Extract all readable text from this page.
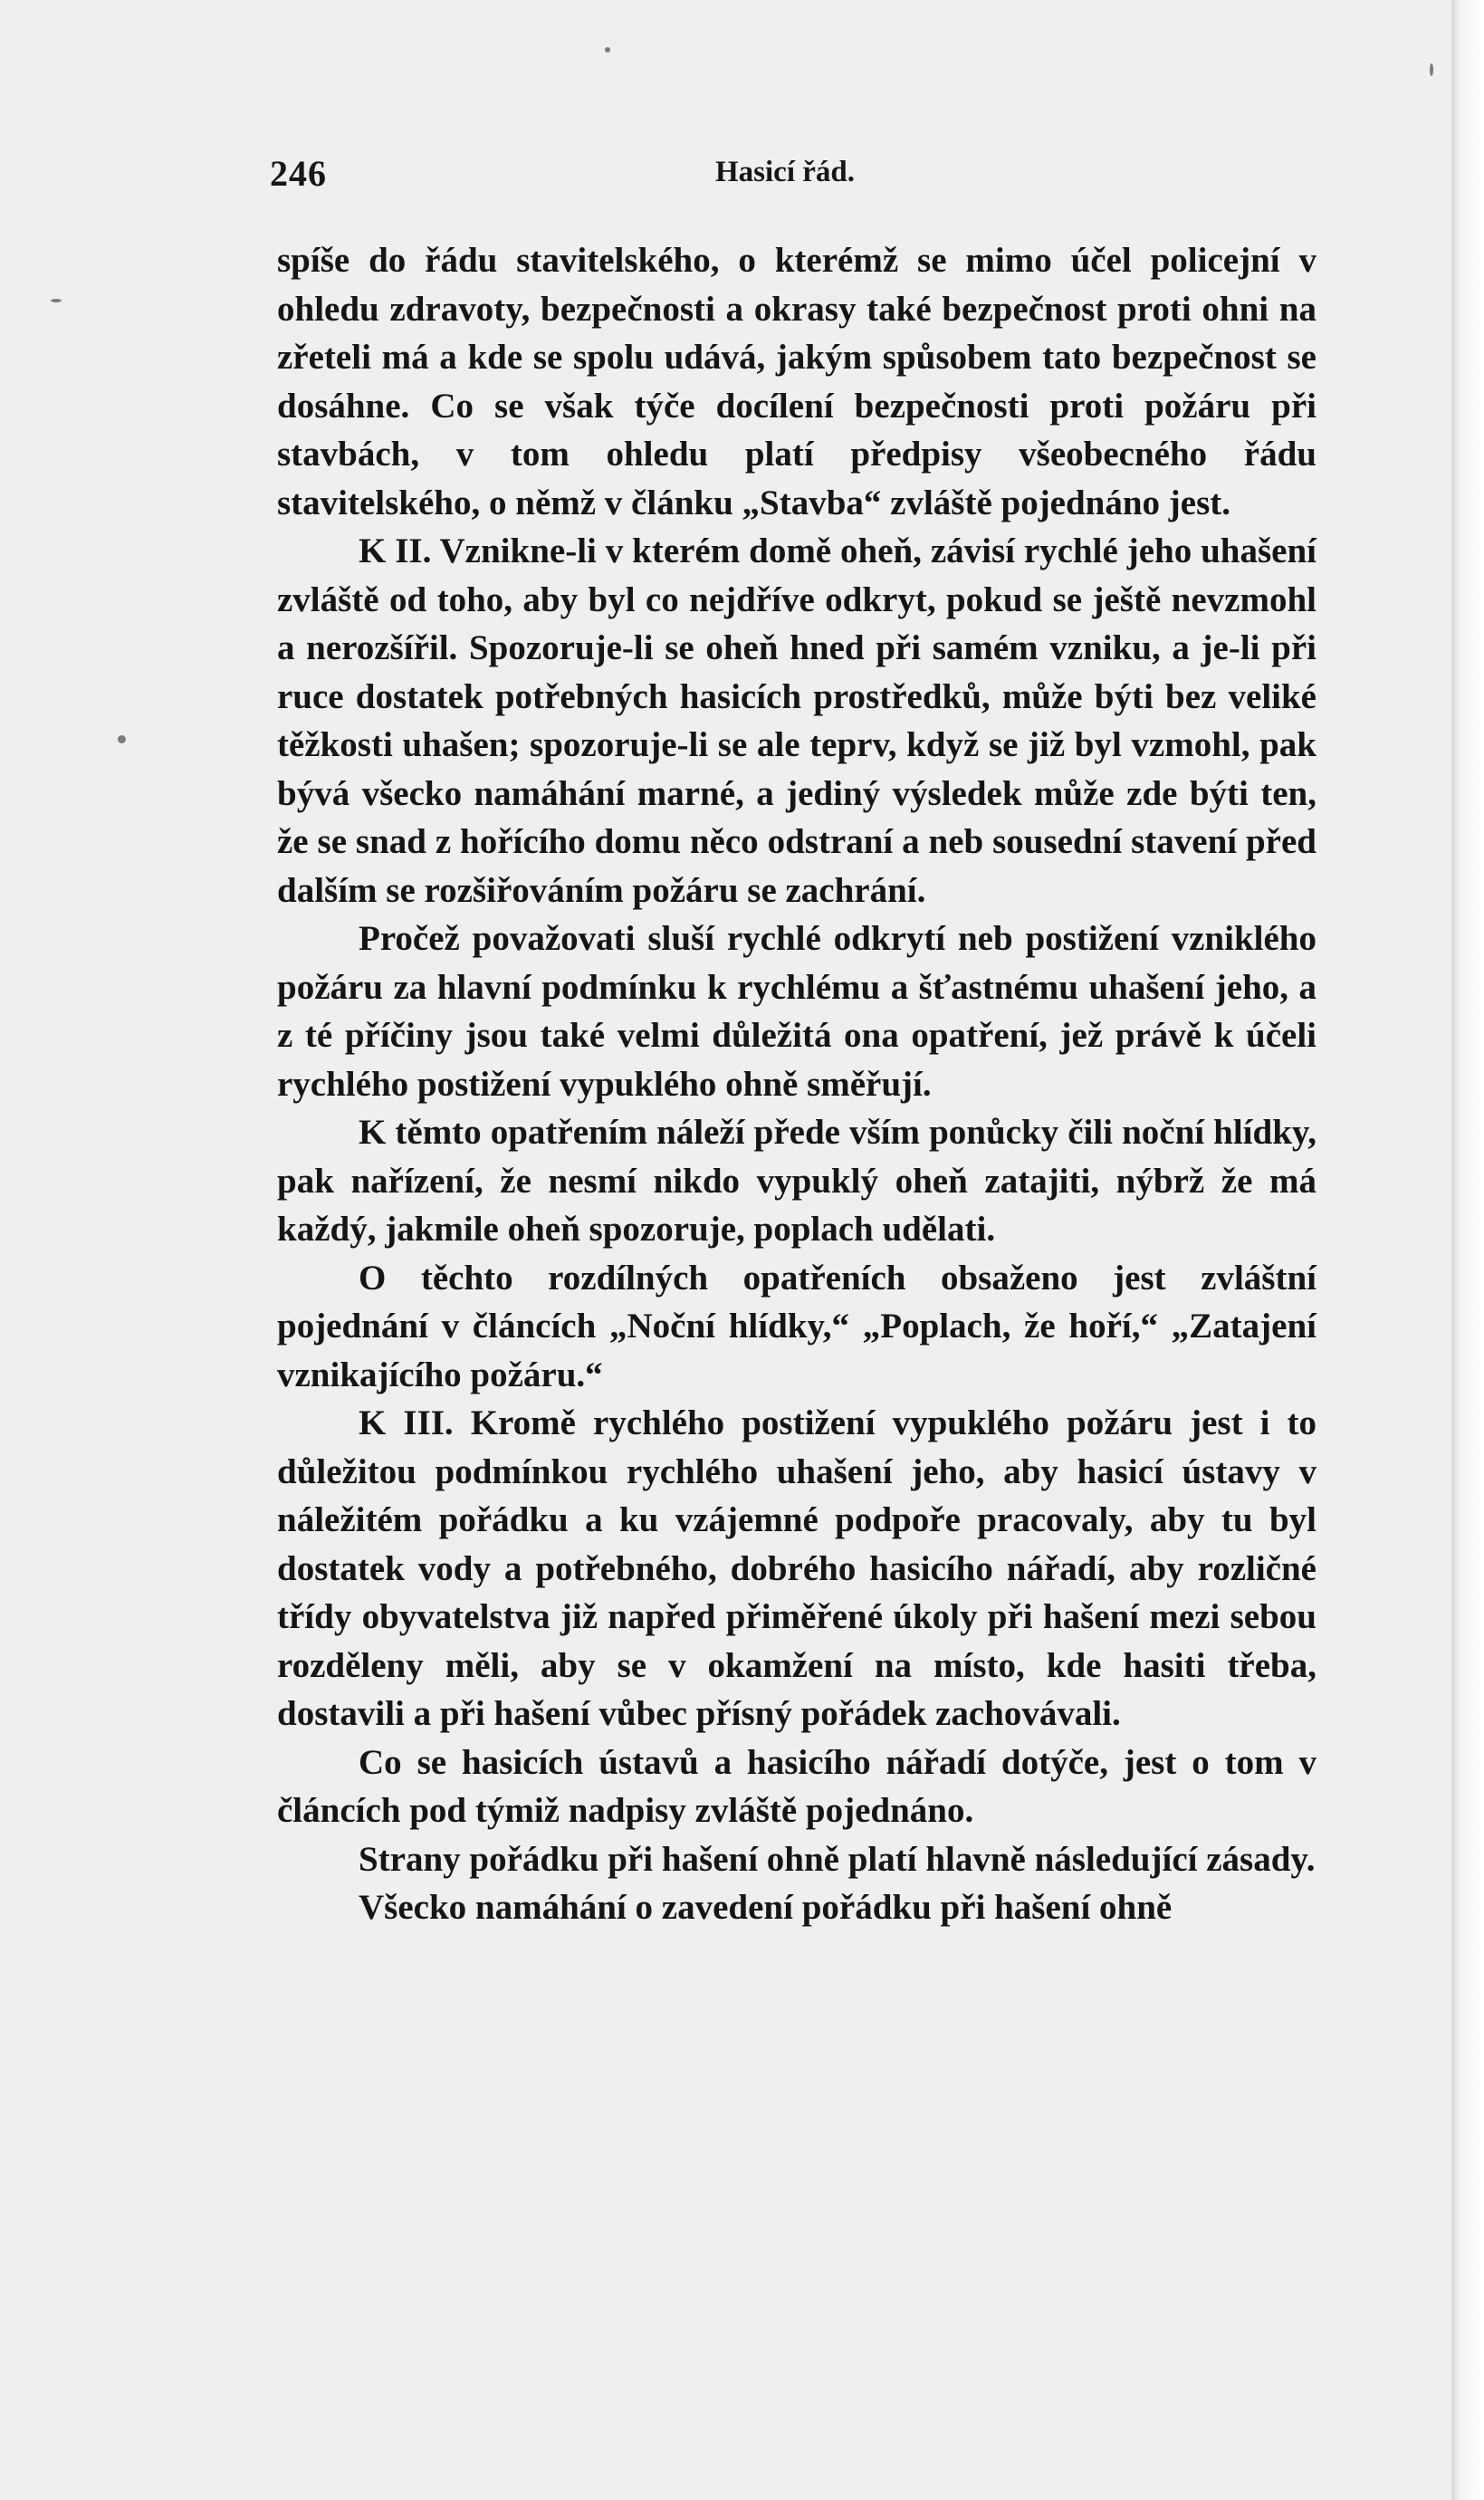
246	Hasicí řád.

spíše do řádu stavitelského, o kterémž se mimo účel policejní v ohledu zdravoty, bezpečnosti a okrasy také bezpečnost proti ohni na zřeteli má a kde se spolu udává, jakým spůsobem tato bezpečnost se dosáhne. Co se však týče docílení bezpečnosti proti požáru při stavbách, v tom ohledu platí předpisy všeobecného řádu stavitelského, o němž v článku „Stavba“ zvláště pojednáno jest.

K II. Vznikne-li v kterém domě oheň, závisí rychlé jeho uhašení zvláště od toho, aby byl co nejdříve odkryt, pokud se ještě nevzmohl a nerozšířil. Spozoruje-li se oheň hned při samém vzniku, a je-li při ruce dostatek potřebných hasicích prostředků, může býti bez veliké těžkosti uhašen; spozoruje-li se ale teprv, když se již byl vzmohl, pak bývá všecko namáhání marné, a jediný výsledek může zde býti ten, že se snad z hořícího domu něco odstraní a neb sousední stavení před dalším se rozšiřováním požáru se zachrání.

Pročež považovati sluší rychlé odkrytí neb postižení vzniklého požáru za hlavní podmínku k rychlému a šťastnému uhašení jeho, a z té příčiny jsou také velmi důležitá ona opatření, jež právě k účeli rychlého postižení vypuklého ohně směřují.

K těmto opatřením náleží přede vším ponůcky čili noční hlídky, pak nařízení, že nesmí nikdo vypuklý oheň zatajiti, nýbrž že má každý, jakmile oheň spozoruje, poplach udělati.

O těchto rozdílných opatřeních obsaženo jest zvláštní pojednání v článcích „Noční hlídky,“ „Poplach, že hoří,“ „Zatajení vznikajícího požáru.“

K III. Kromě rychlého postižení vypuklého požáru jest i to důležitou podmínkou rychlého uhašení jeho, aby hasicí ústavy v náležitém pořádku a ku vzájemné podpoře pracovaly, aby tu byl dostatek vody a potřebného, dobrého hasicího nářadí, aby rozličné třídy obyvatelstva již napřed přiměřené úkoly při hašení mezi sebou rozděleny měli, aby se v okamžení na místo, kde hasiti třeba, dostavili a při hašení vůbec přísný pořádek zachovávali.

Co se hasicích ústavů a hasicího nářadí dotýče, jest o tom v článcích pod týmiž nadpisy zvláště pojednáno.

Strany pořádku při hašení ohně platí hlavně následující zásady.

Všecko namáhání o zavedení pořádku při hašení ohně
